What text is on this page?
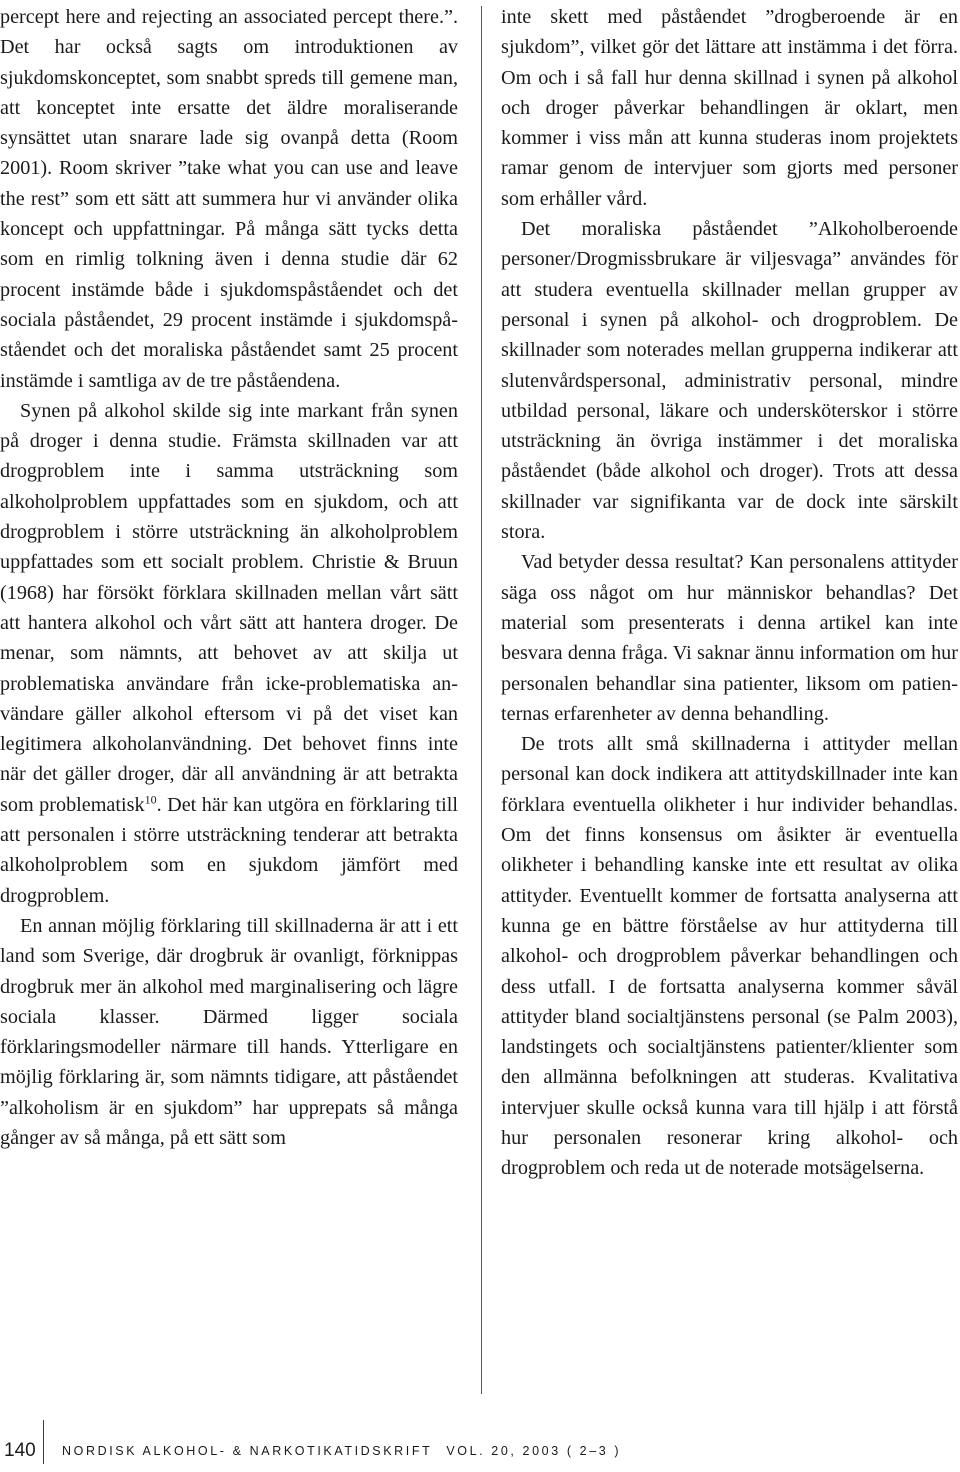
percept here and rejecting an associated percept there.”. Det har också sagts om introduktionen av sjukdomskonceptet, som snabbt spreds till gemene man, att konceptet inte ersatte det äldre moraliserande synsättet utan snarare lade sig ovanpå detta (Room 2001). Room skriver ”take what you can use and leave the rest” som ett sätt att summera hur vi använder olika koncept och uppfattningar. På många sätt tycks detta som en rimlig tolkning även i denna studie där 62 procent instämde både i sjukdomspåståendet och det sociala påståendet, 29 procent instämde i sjukdomspåståendet och det moraliska påståendet samt 25 procent instämde i samtliga av de tre påståendena.

Synen på alkohol skilde sig inte markant från synen på droger i denna studie. Främsta skillnaden var att drogproblem inte i samma utsträckning som alkoholproblem uppfattades som en sjukdom, och att drogproblem i större utsträckning än alkoholproblem uppfattades som ett socialt problem. Christie & Bruun (1968) har försökt förklara skillnaden mellan vårt sätt att hantera alkohol och vårt sätt att hantera droger. De menar, som nämnts, att behovet av att skilja ut problematiska användare från icke-problematiska användare gäller alkohol eftersom vi på det viset kan legitimera alkoholanvändning. Det behovet finns inte när det gäller droger, där all användning är att betrakta som problematisk$^{10}$. Det här kan utgöra en förklaring till att personalen i större utsträckning tenderar att betrakta alkoholproblem som en sjukdom jämfört med drogproblem.

En annan möjlig förklaring till skillnaderna är att i ett land som Sverige, där drogbruk är ovanligt, förknippas drogbruk mer än alkohol med marginalisering och lägre sociala klasser. Därmed ligger sociala förklaringsmodeller närmare till hands. Ytterligare en möjlig förklaring är, som nämnts tidigare, att påståendet ”alkoholism är en sjukdom” har upprepats så många gånger av så många, på ett sätt som

inte skett med påståendet ”drogberoende är en sjukdom”, vilket gör det lättare att instämma i det förra. Om och i så fall hur denna skillnad i synen på alkohol och droger påverkar behandlingen är oklart, men kommer i viss mån att kunna studeras inom projektets ramar genom de intervjuer som gjorts med personer som erhåller vård.

Det moraliska påståendet ”Alkoholberoende personer/Drogmissbrukare är viljesvaga” användes för att studera eventuella skillnader mellan grupper av personal i synen på alkohol- och drogproblem. De skillnader som noterades mellan grupperna indikerar att slutenvårdspersonal, administrativ personal, mindre utbildad personal, läkare och undersköterskor i större utsträckning än övriga instämmer i det moraliska påståendet (både alkohol och droger). Trots att dessa skillnader var signifikanta var de dock inte särskilt stora.

Vad betyder dessa resultat? Kan personalens attityder säga oss något om hur människor behandlas? Det material som presenterats i denna artikel kan inte besvara denna fråga. Vi saknar ännu information om hur personalen behandlar sina patienter, liksom om patienternas erfarenheter av denna behandling.

De trots allt små skillnaderna i attityder mellan personal kan dock indikera att attitydskillnader inte kan förklara eventuella olikheter i hur individer behandlas. Om det finns konsensus om åsikter är eventuella olikheter i behandling kanske inte ett resultat av olika attityder. Eventuellt kommer de fortsatta analyserna att kunna ge en bättre förståelse av hur attityderna till alkohol- och drogproblem påverkar behandlingen och dess utfall. I de fortsatta analyserna kommer såväl attityder bland socialtjänstens personal (se Palm 2003), landstingets och socialtjänstens patienter/klienter som den allmänna befolkningen att studeras. Kvalitativa intervjuer skulle också kunna vara till hjälp i att förstå hur personalen resonerar kring alkohol- och drogproblem och reda ut de noterade motsägelserna.

140 NORDISK ALKOHOL- & NARKOTIKATIDSKRIFT VOL. 20, 2003 ( 2–3 )
